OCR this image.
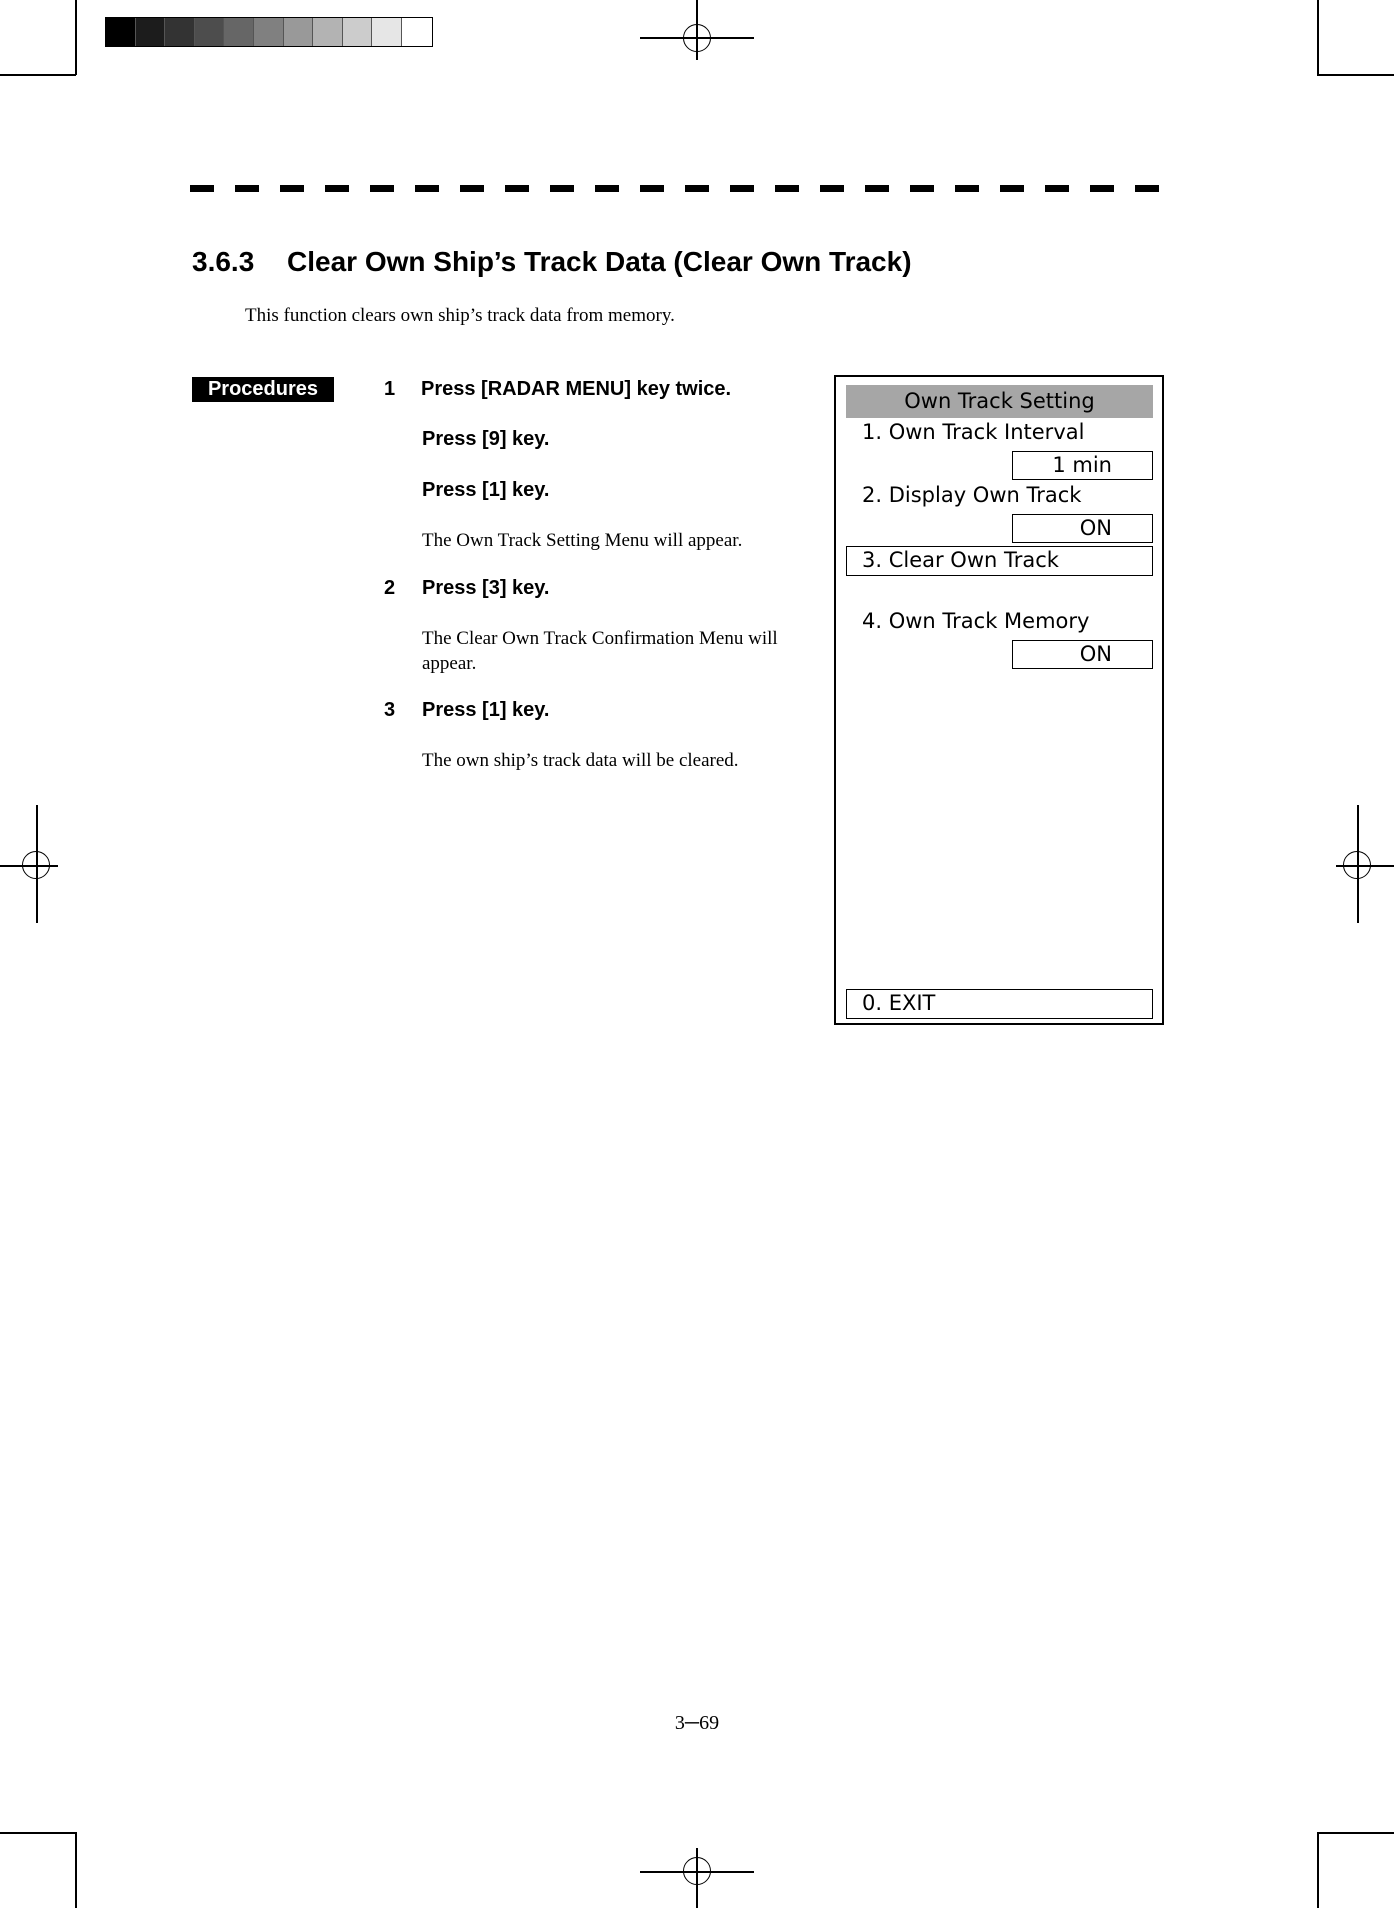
3.6.3 Clear Own Ship’s Track Data (Clear Own Track)
This function clears own ship’s track data from memory.
Procedures	1 Press [RADAR MENU] key twice.
Press [9] key.
Press [1] key.
The Own Track Setting Menu will appear.
2 Press [3] key.
The Clear Own Track Confirmation Menu will appear.
3 Press [1] key.
The own ship’s track data will be cleared.
Own Track Setting
1. Own Track Interval
1 min
2. Display Own Track
ON
3. Clear Own Track
4. Own Track Memory
ON
0. EXIT
3─69
